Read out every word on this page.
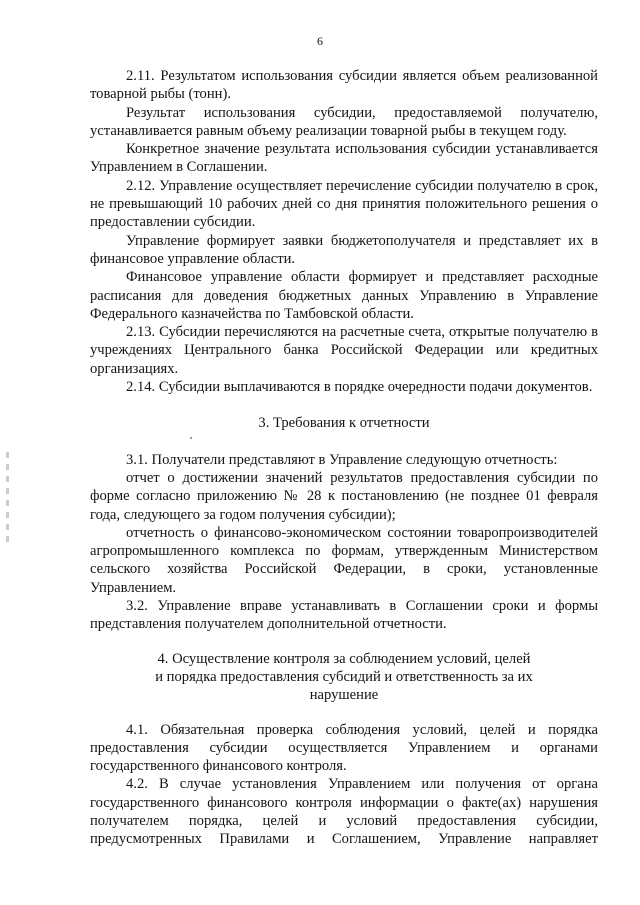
6

2.11. Результатом использования субсидии является объем реализованной товарной рыбы (тонн).

Результат использования субсидии, предоставляемой получателю, устанавливается равным объему реализации товарной рыбы в текущем году.

Конкретное значение результата использования субсидии устанавливается Управлением в Соглашении.

2.12. Управление осуществляет перечисление субсидии получателю в срок, не превышающий 10 рабочих дней со дня принятия положительного решения о предоставлении субсидии.

Управление формирует заявки бюджетополучателя и представляет их в финансовое управление области.

Финансовое управление области формирует и представляет расходные расписания для доведения бюджетных данных Управлению в Управление Федерального казначейства по Тамбовской области.

2.13. Субсидии перечисляются на расчетные счета, открытые получателю в учреждениях Центрального банка Российской Федерации или кредитных организациях.

2.14. Субсидии выплачиваются в порядке очередности подачи документов.

3. Требования к отчетности

3.1. Получатели представляют в Управление следующую отчетность:

отчет о достижении значений результатов предоставления субсидии по форме согласно приложению № 28 к постановлению (не позднее 01 февраля года, следующего за годом получения субсидии);

отчетность о финансово-экономическом состоянии товаропроизводителей агропромышленного комплекса по формам, утвержденным Министерством сельского хозяйства Российской Федерации, в сроки, установленные Управлением.

3.2. Управление вправе устанавливать в Соглашении сроки и формы представления получателем дополнительной отчетности.

4. Осуществление контроля за соблюдением условий, целей

и порядка предоставления субсидий и ответственность за их

нарушение

4.1. Обязательная проверка соблюдения условий, целей и порядка предоставления субсидии осуществляется Управлением и органами государственного финансового контроля.

4.2. В случае установления Управлением или получения от органа государственного финансового контроля информации о факте(ах) нарушения получателем порядка, целей и условий предоставления субсидии, предусмотренных Правилами и Соглашением, Управление направляет
